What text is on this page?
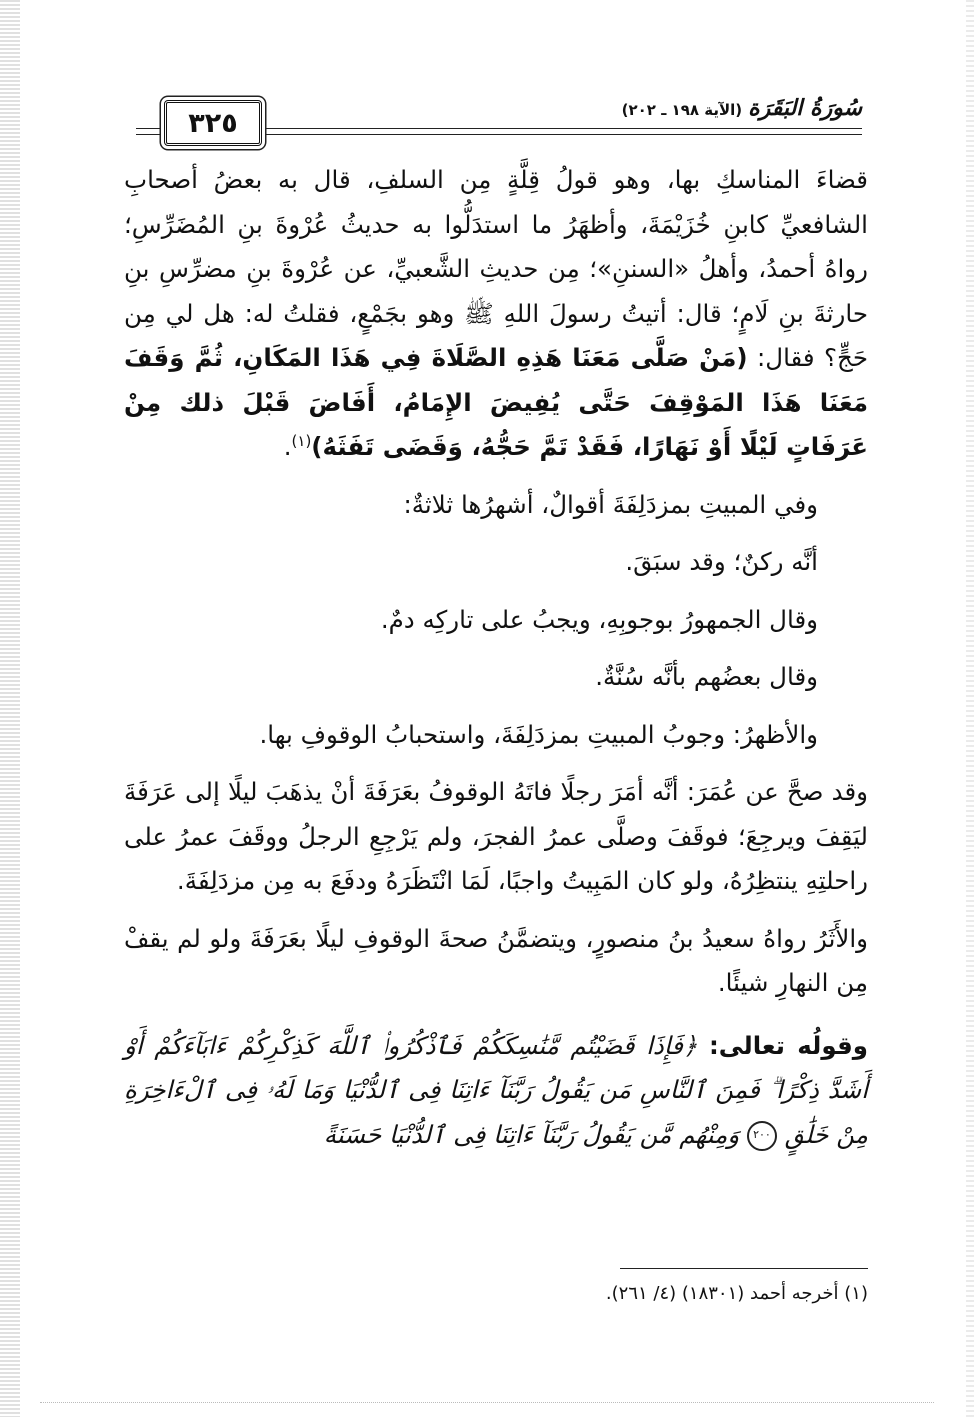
٣٢٥	سُورَةُ البَقَرَة(الآية ١٩٨ ـ ٢٠٢)

قضاءَ المناسكِ بها، وهو قولُ قِلَّةٍ مِن السلفِ، قال به بعضُ أصحابِ الشافعيِّ كابنِ خُزَيْمَةَ، وأظهَرُ ما استدَلُّوا به حديثُ عُرْوةَ بنِ المُضَرِّسِ؛ رواهُ أحمدُ، وأهلُ «السننِ»؛ مِن حديثِ الشَّعبيِّ، عن عُرْوةَ بنِ مضرِّسِ بنِ حارثةَ بنِ لَامٍ؛ قال: أتيتُ رسولَ اللهِ ﷺ وهو بجَمْعٍ، فقلتُ له: هل لي مِن حَجٍّ؟ فقال: (مَنْ صَلَّى مَعَنَا هَذِهِ الصَّلَاةَ فِي هَذَا المَكَانِ، ثُمَّ وَقَفَ مَعَنَا هَذَا المَوْقِفَ حَتَّى يُفِيضَ الإِمَامُ، أَفَاضَ قَبْلَ ذلك مِنْ عَرَفَاتٍ لَيْلًا أَوْ نَهَارًا، فَقَدْ تَمَّ حَجُّهُ، وَقَضَى تَفَثَهُ)$^{(١)}$.

وفي المبيتِ بمزدَلِفَةَ أقوالٌ، أشهرُها ثلاثةٌ:

أنَّه ركنٌ؛ وقد سبَقَ.

وقال الجمهورُ بوجوبِهِ، ويجبُ على تاركِه دمٌ.

وقال بعضُهم بأنَّه سُنَّةٌ.

والأظهرُ: وجوبُ المبيتِ بمزدَلِفَةَ، واستحبابُ الوقوفِ بها.

وقد صحَّ عن عُمَرَ: أنَّه أمَرَ رجلًا فاتَهُ الوقوفُ بعَرَفَةَ أنْ يذهَبَ ليلًا إلى عَرَفَةَ ليَقِفَ ويرجِعَ؛ فوقَفَ وصلَّى عمرُ الفجرَ، ولم يَرْجِعِ الرجلُ ووقَفَ عمرُ على راحلتِهِ ينتظِرُهُ، ولو كان المَبِيتُ واجبًا، لَمَا انْتَظَرَهُ ودفَعَ به مِن مزدَلِفَةَ.

والأَثَرُ رواهُ سعيدُ بنُ منصورٍ، ويتضمَّنُ صحةَ الوقوفِ ليلًا بعَرَفَةَ ولو لم يقفْ مِن النهارِ شيئًا.

وقولُه تعالى: ﴿فَإِذَا قَضَيْتُم مَّنَٰسِكَكُمْ فَٱذْكُرُوا۟ ٱللَّهَ كَذِكْرِكُمْ ءَابَآءَكُمْ أَوْ أَشَدَّ ذِكْرًا ۗ فَمِنَ ٱلنَّاسِ مَن يَقُولُ رَبَّنَآ ءَاتِنَا فِى ٱلدُّنْيَا وَمَا لَهُۥ فِى ٱلْءَاخِرَةِ مِنْ خَلَٰقٍ ٢٠٠ وَمِنْهُم مَّن يَقُولُ رَبَّنَآ ءَاتِنَا فِى ٱلدُّنْيَا حَسَنَةً

(١) أخرجه أحمد (١٨٣٠١) (٤/ ٢٦١).
